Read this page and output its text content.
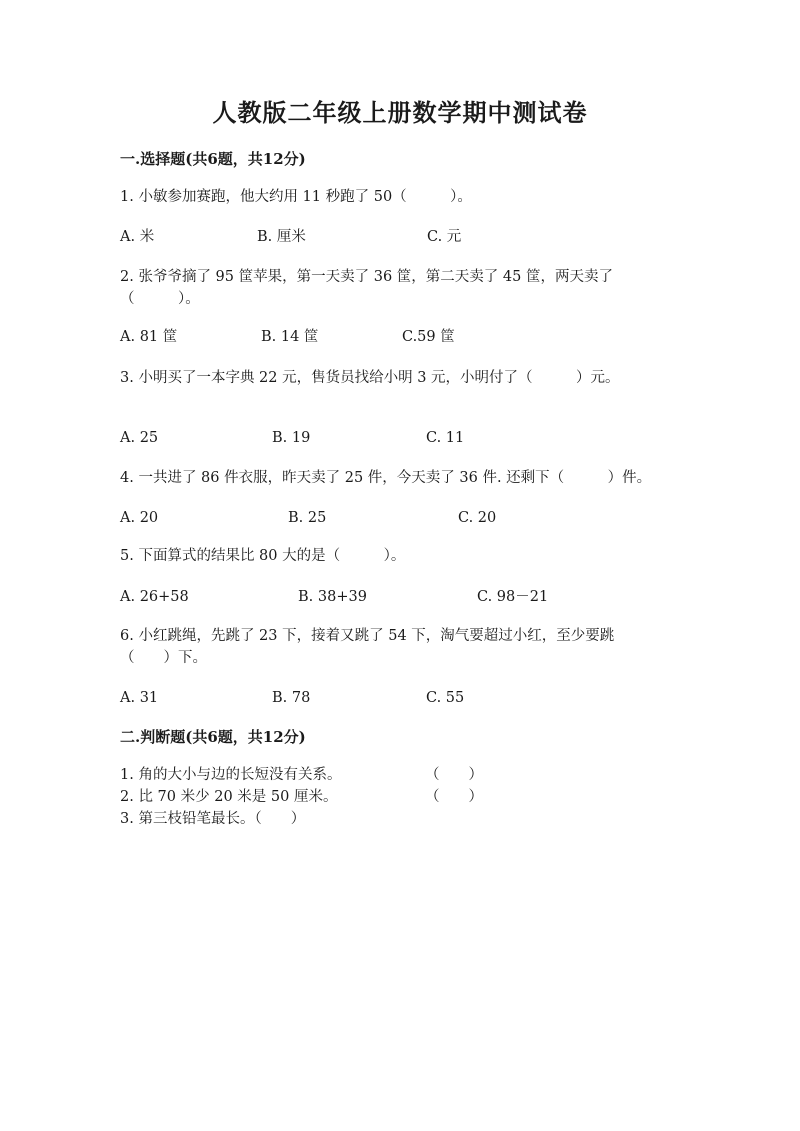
人教版二年级上册数学期中测试卷
一.选择题(共6题，共12分)
1. 小敏参加赛跑，他大约用 11 秒跑了 50（　　　）。
A. 米	B. 厘米	C. 元
2. 张爷爷摘了 95 筐苹果，第一天卖了 36 筐，第二天卖了 45 筐，两天卖了
（　　　）。
A. 81 筐	B. 14 筐	C.59 筐
3. 小明买了一本字典 22 元，售货员找给小明 3 元，小明付了（　　　）元。
A. 25	B. 19	C. 11
4. 一共进了 86 件衣服，昨天卖了 25 件，今天卖了 36 件. 还剩下（　　　）件。
A. 20	B. 25	C. 20
5. 下面算式的结果比 80 大的是（　　　）。
A. 26+58	B. 38+39	C. 98－21
6. 小红跳绳，先跳了 23 下，接着又跳了 54 下，淘气要超过小红，至少要跳
（　　）下。
A. 31	B. 78	C. 55
二.判断题(共6题，共12分)
1. 角的大小与边的长短没有关系。	（　　）
2. 比 70 米少 20 米是 50 厘米。	（　　）
3. 第三枝铅笔最长。（　　）
